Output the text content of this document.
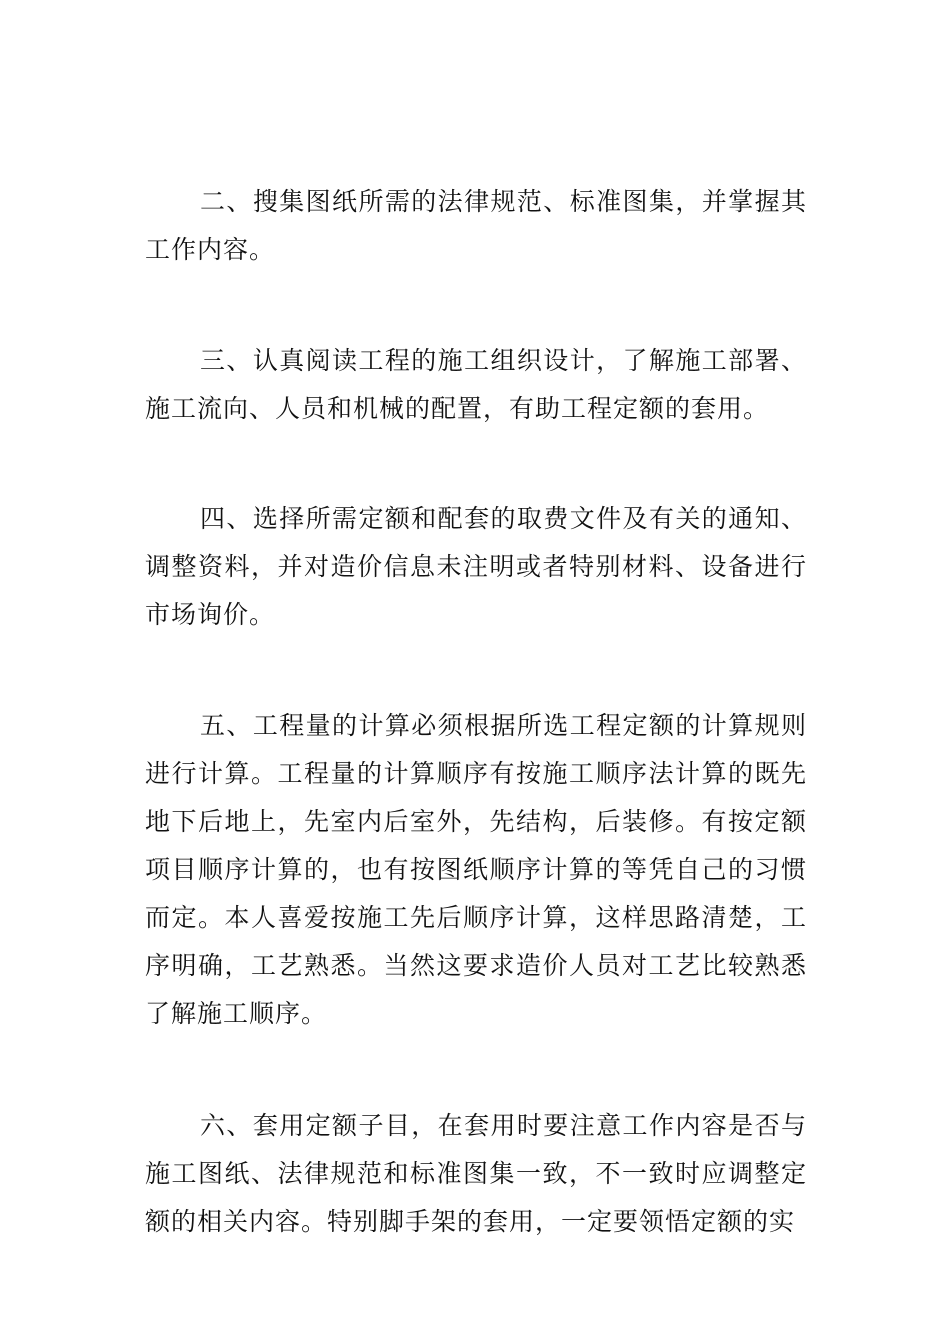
二、搜集图纸所需的法律规范、标准图集，并掌握其工作内容。

三、认真阅读工程的施工组织设计，了解施工部署、施工流向、人员和机械的配置，有助工程定额的套用。

四、选择所需定额和配套的取费文件及有关的通知、调整资料，并对造价信息未注明或者特别材料、设备进行市场询价。

五、工程量的计算必须根据所选工程定额的计算规则进行计算。工程量的计算顺序有按施工顺序法计算的既先地下后地上，先室内后室外，先结构，后装修。有按定额项目顺序计算的，也有按图纸顺序计算的等凭自己的习惯而定。本人喜爱按施工先后顺序计算，这样思路清楚，工序明确，工艺熟悉。当然这要求造价人员对工艺比较熟悉了解施工顺序。

六、套用定额子目，在套用时要注意工作内容是否与施工图纸、法律规范和标准图集一致，不一致时应调整定额的相关内容。特别脚手架的套用，一定要领悟定额的实
